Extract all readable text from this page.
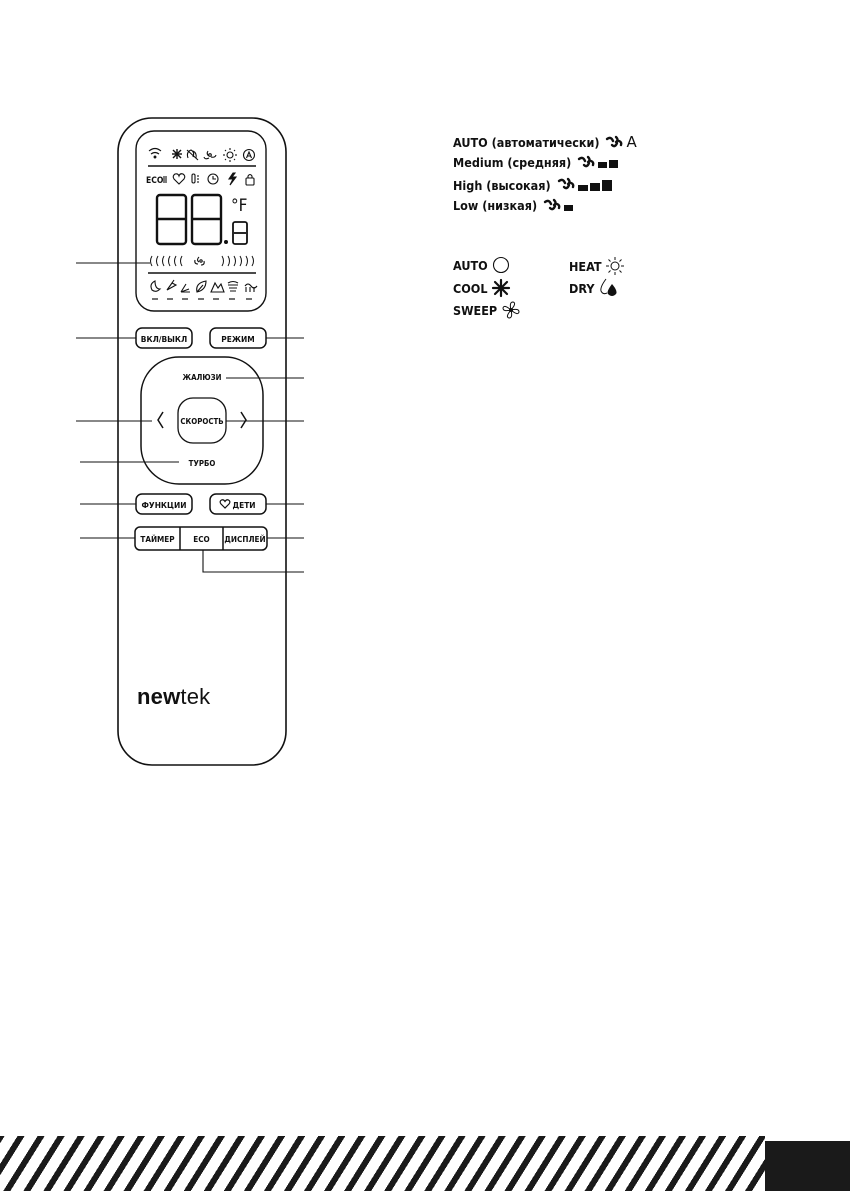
ECO
°F
ВКЛ/ВЫКЛ	РЕЖИМ
ЖАЛЮЗИ
СКОРОСТЬ
ТУРБО
ФУНКЦИИ	ДЕТИ
ТАЙМЕР ECO ДИСПЛЕЙ
newtek
AUTO (автоматически) A
Medium (средняя)
High (высокая)
Low (низкая)
AUTO	HEAT
COOL	DRY
SWEEP
